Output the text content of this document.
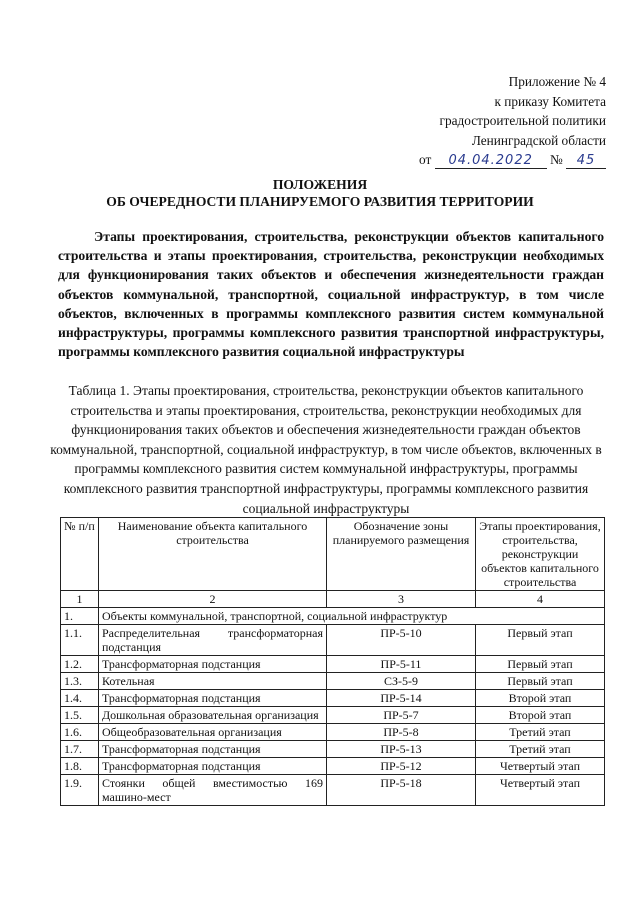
Приложение № 4
к приказу Комитета
градостроительной политики
Ленинградской области
от 04.04.2022 № 45
ПОЛОЖЕНИЯ
ОБ ОЧЕРЕДНОСТИ ПЛАНИРУЕМОГО РАЗВИТИЯ ТЕРРИТОРИИ

Этапы проектирования, строительства, реконструкции объектов капитального строительства и этапы проектирования, строительства, реконструкции необходимых для функционирования таких объектов и обеспечения жизнедеятельности граждан объектов коммунальной, транспортной, социальной инфраструктур, в том числе объектов, включенных в программы комплексного развития систем коммунальной инфраструктуры, программы комплексного развития транспортной инфраструктуры, программы комплексного развития социальной инфраструктуры

Таблица 1. Этапы проектирования, строительства, реконструкции объектов капитального строительства и этапы проектирования, строительства, реконструкции необходимых для функционирования таких объектов и обеспечения жизнедеятельности граждан объектов коммунальной, транспортной, социальной инфраструктур, в том числе объектов, включенных в программы комплексного развития систем коммунальной инфраструктуры, программы комплексного развития транспортной инфраструктуры, программы комплексного развития социальной инфраструктуры

№ п/п	Наименование объекта капитального строительства	Обозначение зоны планируемого размещения	Этапы проектирования, строительства, реконструкции объектов капитального строительства
1	2	3	4
1.	Объекты коммунальной, транспортной, социальной инфраструктур		
1.1.	Распределительная трансформаторная подстанция	ПР-5-10	Первый этап
1.2.	Трансформаторная подстанция	ПР-5-11	Первый этап
1.3.	Котельная	СЗ-5-9	Первый этап
1.4.	Трансформаторная подстанция	ПР-5-14	Второй этап
1.5.	Дошкольная образовательная организация	ПР-5-7	Второй этап
1.6.	Общеобразовательная организация	ПР-5-8	Третий этап
1.7.	Трансформаторная подстанция	ПР-5-13	Третий этап
1.8.	Трансформаторная подстанция	ПР-5-12	Четвертый этап
1.9.	Стоянки общей вместимостью 169 машино-мест	ПР-5-18	Четвертый этап
